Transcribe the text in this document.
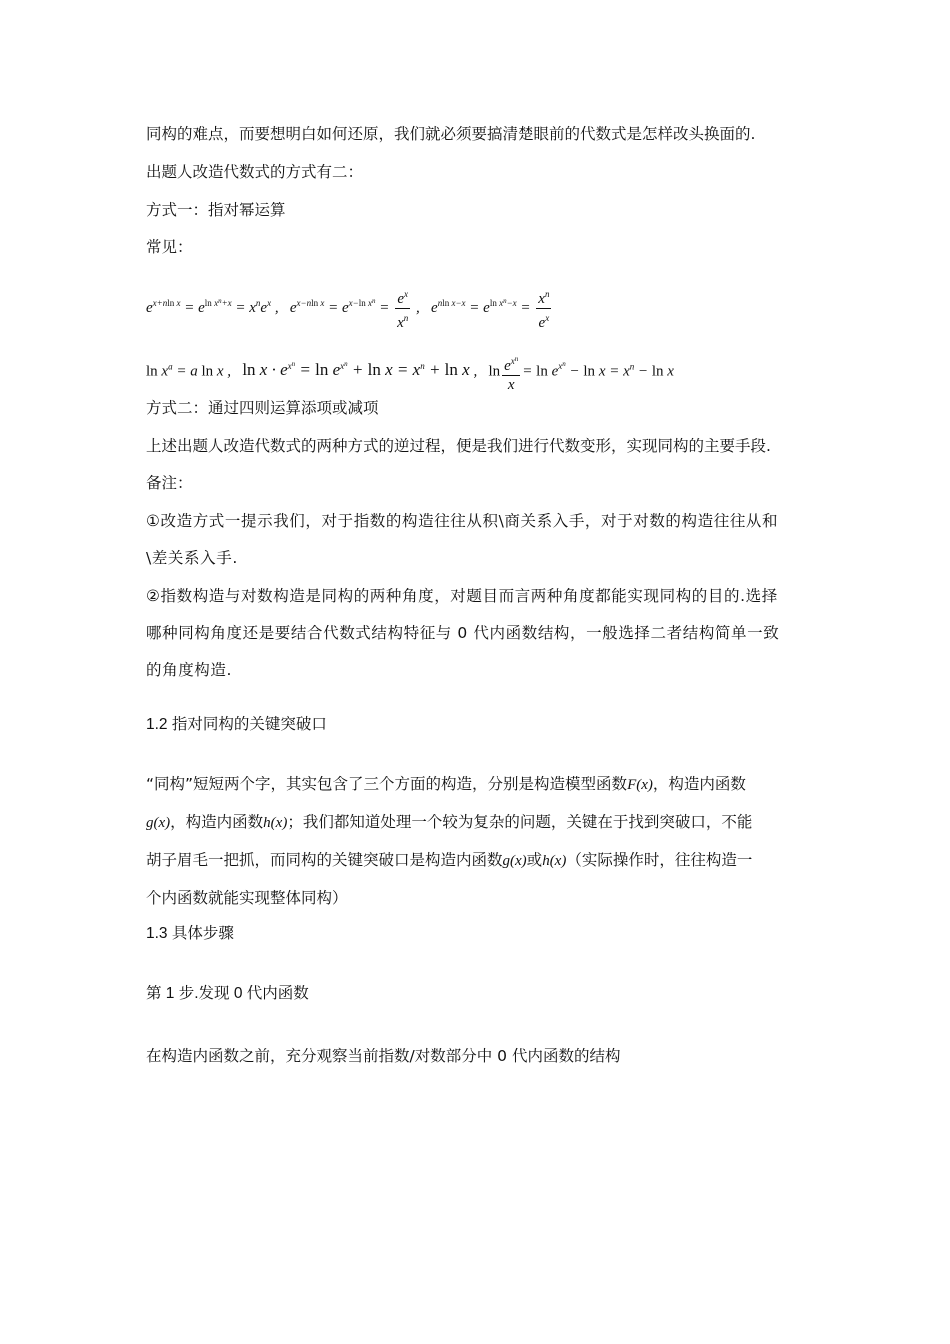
同构的难点，而要想明白如何还原，我们就必须要搞清楚眼前的代数式是怎样改头换面的.
出题人改造代数式的方式有二：
方式一：指对幂运算
常见：
$e^{x+nln x} = e^{ln x^n+x} = x^ne^x$ ,   $e^{x-nln x} = e^{x-ln x^n} = \frac{e^x}{x^n}$ ,   $e^{nln x-x} = e^{ln x^n-x} = \frac{x^n}{e^x}$
$\ln x^a = a$ ln x ,   $\ln x \cdot e^{x^n} = \ln e^{x^n} + \ln x = x^n + \ln x$ ,   $\ln \frac{e^{x^n}}{x} = \ln e^{x^n} - \ln x = x^n - \ln x$
方式二：通过四则运算添项或减项
上述出题人改造代数式的两种方式的逆过程，便是我们进行代数变形，实现同构的主要手段.
备注：
①改造方式一提示我们，对于指数的构造往往从积\商关系入手，对于对数的构造往往从和
\差关系入手.
②指数构造与对数构造是同构的两种角度，对题目而言两种角度都能实现同构的目的.选择
哪种同构角度还是要结合代数式结构特征与 0 代内函数结构，一般选择二者结构简单一致
的角度构造.
1.2 指对同构的关键突破口
“同构”短短两个字，其实包含了三个方面的构造，分别是构造模型函数F(x)，构造内函数
g(x)，构造内函数h(x)；我们都知道处理一个较为复杂的问题，关键在于找到突破口，不能
胡子眉毛一把抓，而同构的关键突破口是构造内函数g(x)或h(x)（实际操作时，往往构造一
个内函数就能实现整体同构）
1.3 具体步骤
第 1 步.发现 0 代内函数
在构造内函数之前，充分观察当前指数/对数部分中 0 代内函数的结构
